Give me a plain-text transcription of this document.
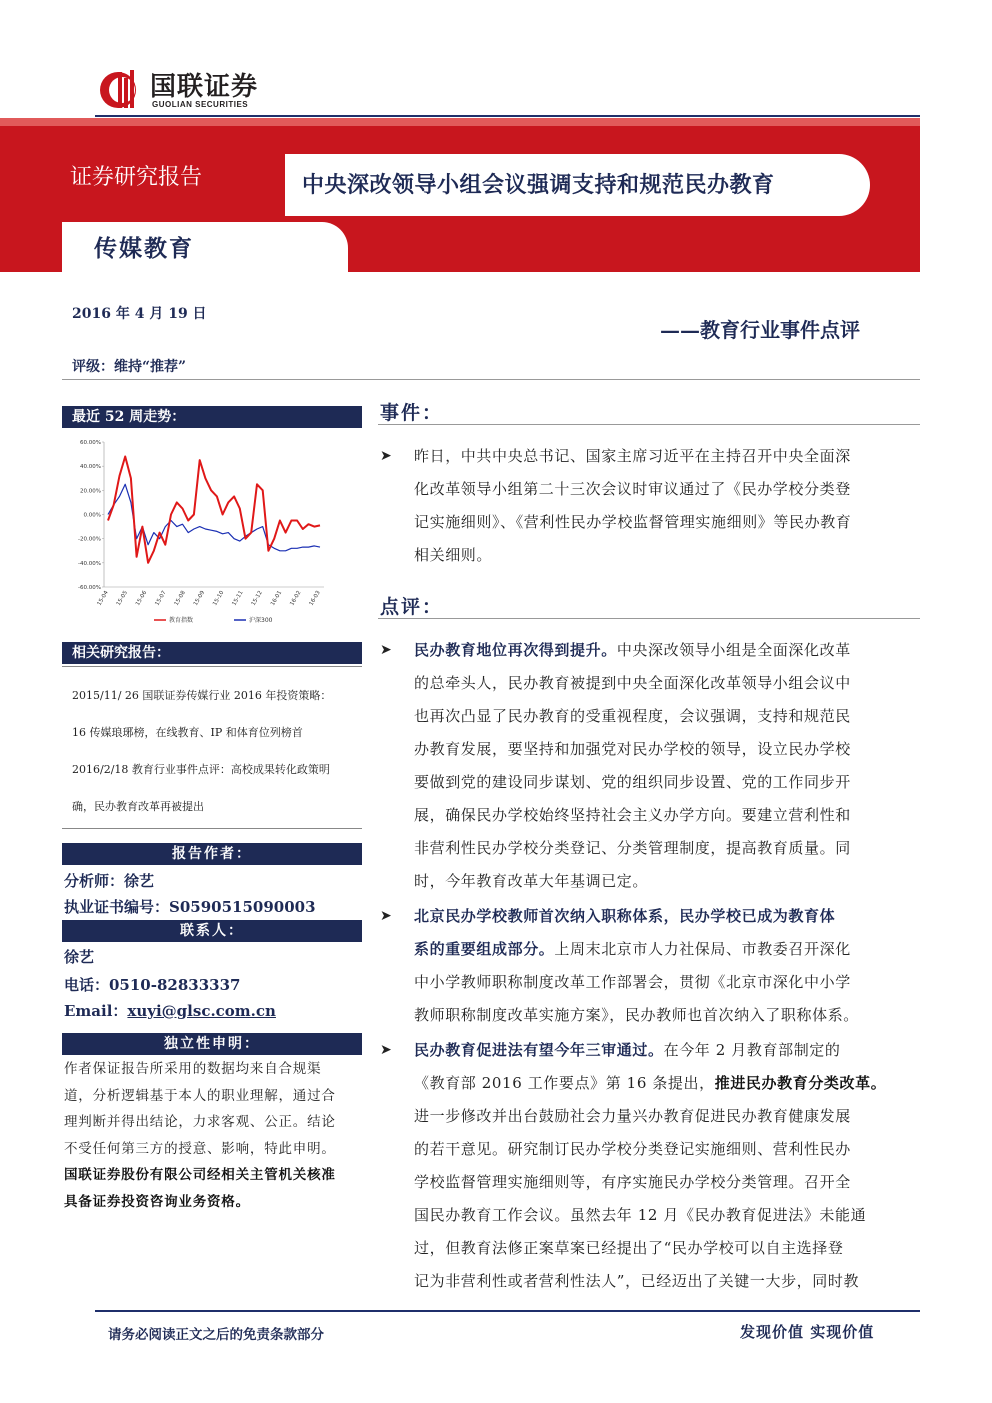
国联证券
GUOLIAN SECURITIES
证券研究报告	中央深改领导小组会议强调支持和规范民办教育
传媒教育
2016 年 4 月 19 日
——教育行业事件点评
评级：维持“推荐”
最近 52 周走势：
60.00%
40.00%
20.00%
0.00%
-20.00%
-40.00%
-60.00%
15-04 15-05 15-06 15-07 15-08 15-09 15-10 15-11 15-12 16-01 16-02 16-03
教育指数	沪深300
相关研究报告：
2015/11/ 26 国联证券传媒行业 2016 年投资策略：
16 传媒琅琊榜，在线教育、IP 和体育位列榜首
2016/2/18 教育行业事件点评：高校成果转化政策明
确，民办教育改革再被提出
报告作者：
分析师：徐艺
执业证书编号：S0590515090003
联系人：
徐艺
电话：0510-82833337
Email：xuyi@glsc.com.cn
独立性申明：
作者保证报告所采用的数据均来自合规渠
道，分析逻辑基于本人的职业理解，通过合
理判断并得出结论，力求客观、公正。结论
不受任何第三方的授意、影响，特此申明。
国联证券股份有限公司经相关主管机关核准
具备证券投资咨询业务资格。
事件：
➤ 昨日，中共中央总书记、国家主席习近平在主持召开中央全面深
化改革领导小组第二十三次会议时审议通过了《民办学校分类登
记实施细则》、《营利性民办学校监督管理实施细则》等民办教育
相关细则。
点评：
➤ 民办教育地位再次得到提升。中央深改领导小组是全面深化改革
的总牵头人，民办教育被提到中央全面深化改革领导小组会议中
也再次凸显了民办教育的受重视程度，会议强调，支持和规范民
办教育发展，要坚持和加强党对民办学校的领导，设立民办学校
要做到党的建设同步谋划、党的组织同步设置、党的工作同步开
展，确保民办学校始终坚持社会主义办学方向。要建立营利性和
非营利性民办学校分类登记、分类管理制度，提高教育质量。同
时，今年教育改革大年基调已定。
➤ 北京民办学校教师首次纳入职称体系，民办学校已成为教育体
系的重要组成部分。上周末北京市人力社保局、市教委召开深化
中小学教师职称制度改革工作部署会，贯彻《北京市深化中小学
教师职称制度改革实施方案》，民办教师也首次纳入了职称体系。
➤ 民办教育促进法有望今年三审通过。在今年 2 月教育部制定的
《教育部 2016 工作要点》第 16 条提出，推进民办教育分类改革。
进一步修改并出台鼓励社会力量兴办教育促进民办教育健康发展
的若干意见。研究制订民办学校分类登记实施细则、营利性民办
学校监督管理实施细则等，有序实施民办学校分类管理。召开全
国民办教育工作会议。虽然去年 12 月《民办教育促进法》未能通
过，但教育法修正案草案已经提出了“民办学校可以自主选择登
记为非营利性或者营利性法人”，已经迈出了关键一大步，同时教
请务必阅读正文之后的免责条款部分	发现价值 实现价值
